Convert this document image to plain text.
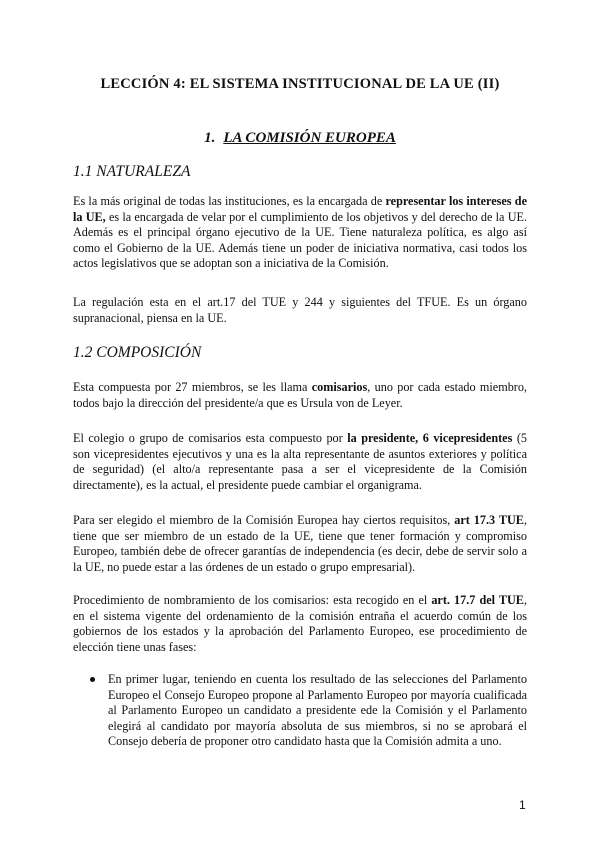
LECCIÓN 4: EL SISTEMA INSTITUCIONAL DE LA UE (II)
1. LA COMISIÓN EUROPEA
1.1 NATURALEZA

Es la más original de todas las instituciones, es la encargada de representar los intereses de la UE, es la encargada de velar por el cumplimiento de los objetivos y del derecho de la UE. Además es el principal órgano ejecutivo de la UE. Tiene naturaleza política, es algo así como el Gobierno de la UE. Además tiene un poder de iniciativa normativa, casi todos los actos legislativos que se adoptan son a iniciativa de la Comisión.

La regulación esta en el art.17 del TUE y 244 y siguientes del TFUE. Es un órgano supranacional, piensa en la UE.

1.2 COMPOSICIÓN

Esta compuesta por 27 miembros, se les llama comisarios, uno por cada estado miembro, todos bajo la dirección del presidente/a que es Ursula von de Leyer.

El colegio o grupo de comisarios esta compuesto por la presidente, 6 vicepresidentes (5 son vicepresidentes ejecutivos y una es la alta representante de asuntos exteriores y política de seguridad) (el alto/a representante pasa a ser el vicepresidente de la Comisión directamente), es la actual, el presidente puede cambiar el organigrama.

Para ser elegido el miembro de la Comisión Europea hay ciertos requisitos, art 17.3 TUE, tiene que ser miembro de un estado de la UE, tiene que tener formación y compromiso Europeo, también debe de ofrecer garantías de independencia (es decir, debe de servir solo a la UE, no puede estar a las órdenes de un estado o grupo empresarial).

Procedimiento de nombramiento de los comisarios: esta recogido en el art. 17.7 del TUE, en el sistema vigente del ordenamiento de la comisión entraña el acuerdo común de los gobiernos de los estados y la aprobación del Parlamento Europeo, ese procedimiento de elección tiene unas fases:

En primer lugar, teniendo en cuenta los resultado de las selecciones del Parlamento Europeo el Consejo Europeo propone al Parlamento Europeo por mayoría cualificada al Parlamento Europeo un candidato a presidente ede la Comisión y el Parlamento elegirá al candidato por mayoría absoluta de sus miembros, si no se aprobará el Consejo debería de proponer otro candidato hasta que la Comisión admita a uno.
1
